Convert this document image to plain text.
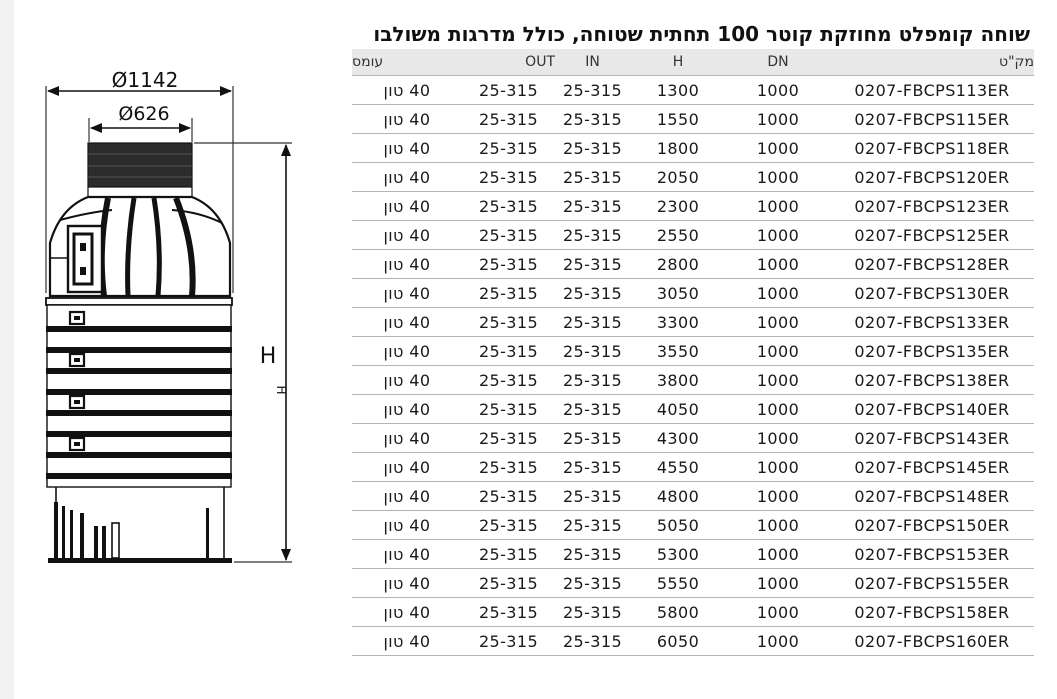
שוחה קומפלט מחוזקת קוטר 100 תחתית שטוחה, כולל מדרגות משולבו
Ø1142
Ø626
H
H
עומס	OUT	IN	H	DN	מק"ט
40 טון	25-315	25-315	1300	1000	0207-FBCPS113ER
40 טון	25-315	25-315	1550	1000	0207-FBCPS115ER
40 טון	25-315	25-315	1800	1000	0207-FBCPS118ER
40 טון	25-315	25-315	2050	1000	0207-FBCPS120ER
40 טון	25-315	25-315	2300	1000	0207-FBCPS123ER
40 טון	25-315	25-315	2550	1000	0207-FBCPS125ER
40 טון	25-315	25-315	2800	1000	0207-FBCPS128ER
40 טון	25-315	25-315	3050	1000	0207-FBCPS130ER
40 טון	25-315	25-315	3300	1000	0207-FBCPS133ER
40 טון	25-315	25-315	3550	1000	0207-FBCPS135ER
40 טון	25-315	25-315	3800	1000	0207-FBCPS138ER
40 טון	25-315	25-315	4050	1000	0207-FBCPS140ER
40 טון	25-315	25-315	4300	1000	0207-FBCPS143ER
40 טון	25-315	25-315	4550	1000	0207-FBCPS145ER
40 טון	25-315	25-315	4800	1000	0207-FBCPS148ER
40 טון	25-315	25-315	5050	1000	0207-FBCPS150ER
40 טון	25-315	25-315	5300	1000	0207-FBCPS153ER
40 טון	25-315	25-315	5550	1000	0207-FBCPS155ER
40 טון	25-315	25-315	5800	1000	0207-FBCPS158ER
40 טון	25-315	25-315	6050	1000	0207-FBCPS160ER
